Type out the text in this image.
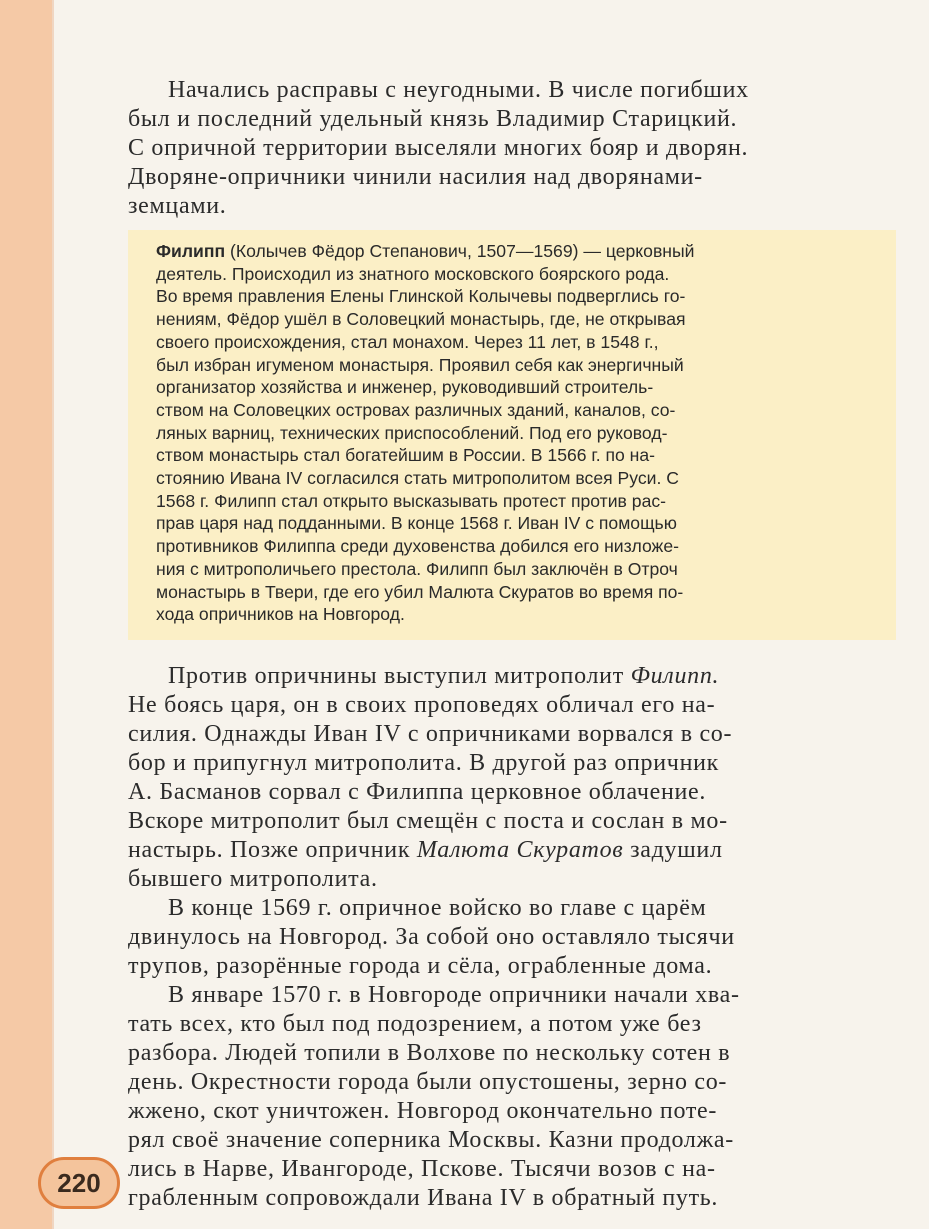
Начались расправы с неугодными. В числе погибших
был и последний удельный князь Владимир Старицкий.
С опричной территории выселяли многих бояр и дворян.
Дворяне-опричники чинили насилия над дворянами-
земцами.
Филипп (Колычев Фёдор Степанович, 1507—1569) — церковный
деятель. Происходил из знатного московского боярского рода.
Во время правления Елены Глинской Колычевы подверглись го-
нениям, Фёдор ушёл в Соловецкий монастырь, где, не открывая
своего происхождения, стал монахом. Через 11 лет, в 1548 г.,
был избран игуменом монастыря. Проявил себя как энергичный
организатор хозяйства и инженер, руководивший строитель-
ством на Соловецких островах различных зданий, каналов, со-
ляных варниц, технических приспособлений. Под его руковод-
ством монастырь стал богатейшим в России. В 1566 г. по на-
стоянию Ивана IV согласился стать митрополитом всея Руси. С
1568 г. Филипп стал открыто высказывать протест против рас-
прав царя над подданными. В конце 1568 г. Иван IV с помощью
противников Филиппа среди духовенства добился его низложе-
ния с митрополичьего престола. Филипп был заключён в Отроч
монастырь в Твери, где его убил Малюта Скуратов во время по-
хода опричников на Новгород.
Против опричнины выступил митрополит Филипп.
Не боясь царя, он в своих проповедях обличал его на-
силия. Однажды Иван IV с опричниками ворвался в со-
бор и припугнул митрополита. В другой раз опричник
А. Басманов сорвал с Филиппа церковное облачение.
Вскоре митрополит был смещён с поста и сослан в мо-
настырь. Позже опричник Малюта Скуратов задушил
бывшего митрополита.
В конце 1569 г. опричное войско во главе с царём
двинулось на Новгород. За собой оно оставляло тысячи
трупов, разорённые города и сёла, ограбленные дома.
В январе 1570 г. в Новгороде опричники начали хва-
тать всех, кто был под подозрением, а потом уже без
разбора. Людей топили в Волхове по нескольку сотен в
день. Окрестности города были опустошены, зерно со-
жжено, скот уничтожен. Новгород окончательно поте-
рял своё значение соперника Москвы. Казни продолжа-
лись в Нарве, Ивангороде, Пскове. Тысячи возов с на-
грабленным сопровождали Ивана IV в обратный путь.
220
